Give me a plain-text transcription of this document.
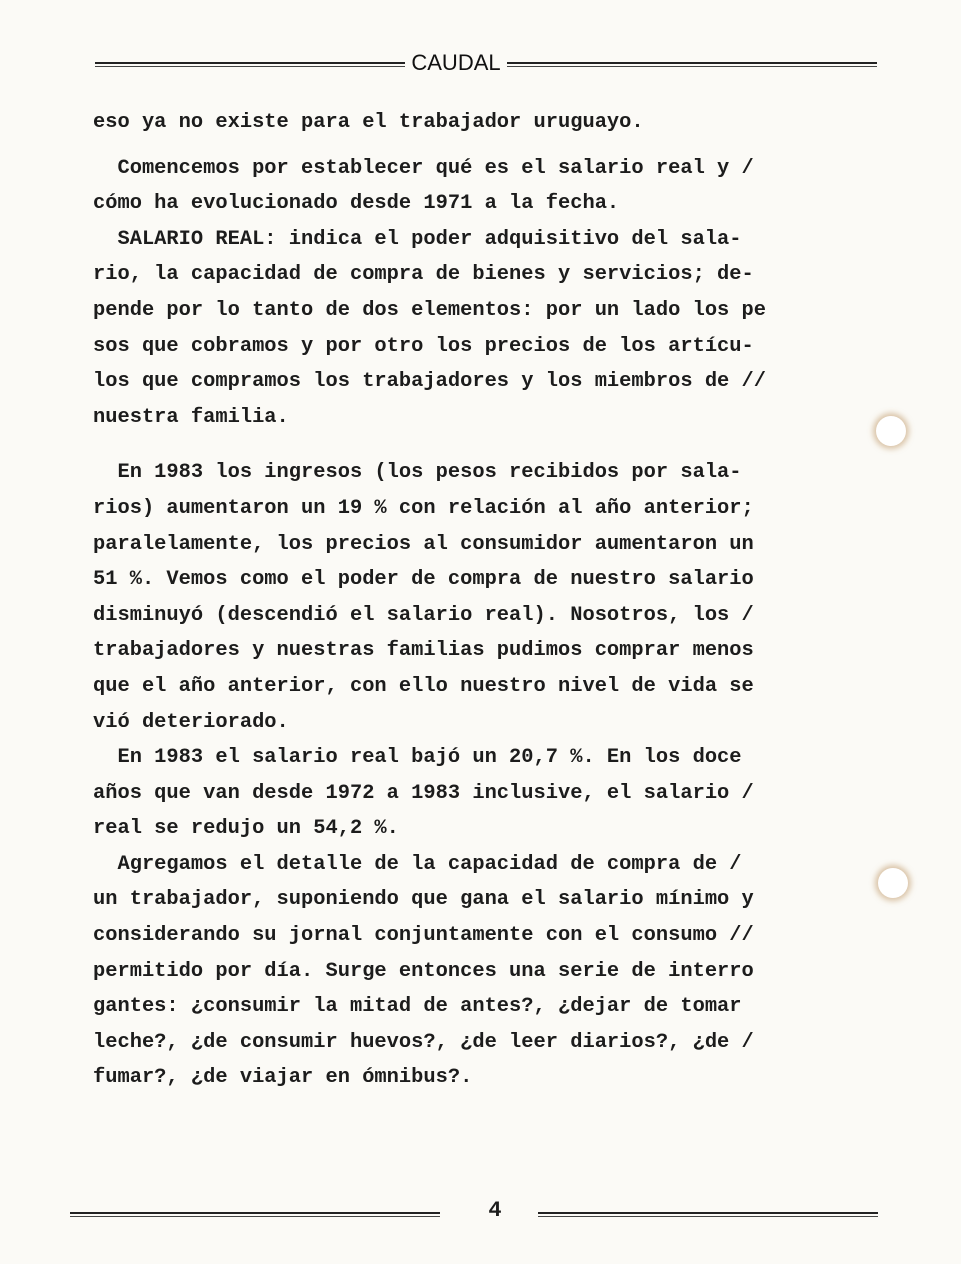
CAUDAL
eso ya no existe para el trabajador uruguayo.
Comencemos por establecer qué es el salario real y /
cómo ha evolucionado desde 1971 a la fecha.
SALARIO REAL: indica el poder adquisitivo del sala-
rio, la capacidad de compra de bienes y servicios; de-
pende por lo tanto de dos elementos: por un lado los pe
sos que cobramos y por otro los precios de los artícu-
los que compramos los trabajadores y los miembros de //
nuestra familia.
En 1983 los ingresos (los pesos recibidos por sala-
rios) aumentaron un 19 % con relación al año anterior;
paralelamente, los precios al consumidor aumentaron un
51 %. Vemos como el poder de compra de nuestro salario
disminuyó (descendió el salario real). Nosotros, los /
trabajadores y nuestras familias pudimos comprar menos
que el año anterior, con ello nuestro nivel de vida se
vió deteriorado.
En 1983 el salario real bajó un 20,7 %. En los doce
años que van desde 1972 a 1983 inclusive, el salario /
real se redujo un 54,2 %.
Agregamos el detalle de la capacidad de compra de /
un trabajador, suponiendo que gana el salario mínimo y
considerando su jornal conjuntamente con el consumo //
permitido por día. Surge entonces una serie de interro
gantes: ¿consumir la mitad de antes?, ¿dejar de tomar
leche?, ¿de consumir huevos?, ¿de leer diarios?, ¿de /
fumar?, ¿de viajar en ómnibus?.
4
